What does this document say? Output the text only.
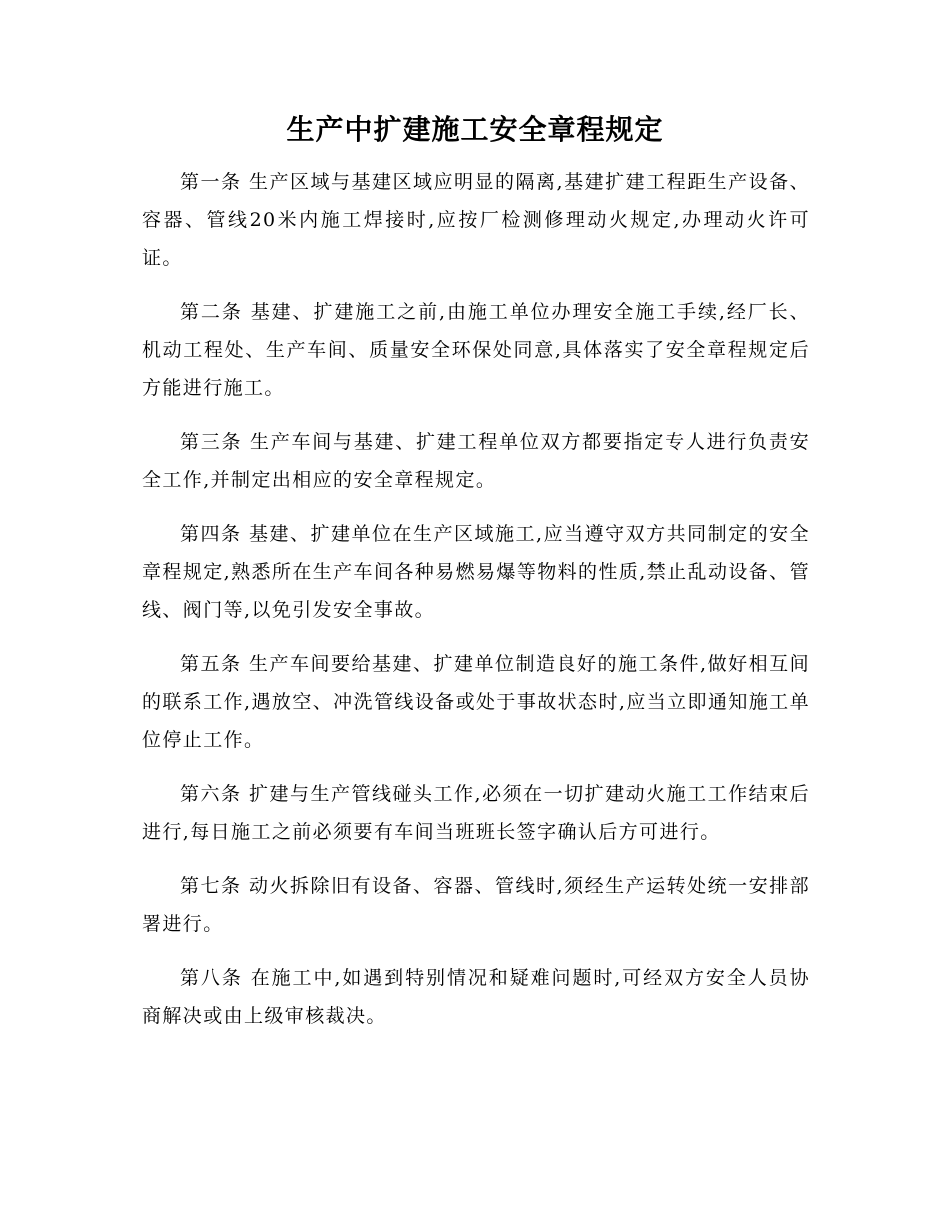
生产中扩建施工安全章程规定

第一条 生产区域与基建区域应明显的隔离,基建扩建工程距生产设备、容器、管线20米内施工焊接时,应按厂检测修理动火规定,办理动火许可证。

第二条 基建、扩建施工之前,由施工单位办理安全施工手续,经厂长、机动工程处、生产车间、质量安全环保处同意,具体落实了安全章程规定后方能进行施工。

第三条 生产车间与基建、扩建工程单位双方都要指定专人进行负责安全工作,并制定出相应的安全章程规定。

第四条 基建、扩建单位在生产区域施工,应当遵守双方共同制定的安全章程规定,熟悉所在生产车间各种易燃易爆等物料的性质,禁止乱动设备、管线、阀门等,以免引发安全事故。

第五条 生产车间要给基建、扩建单位制造良好的施工条件,做好相互间的联系工作,遇放空、冲洗管线设备或处于事故状态时,应当立即通知施工单位停止工作。

第六条 扩建与生产管线碰头工作,必须在一切扩建动火施工工作结束后进行,每日施工之前必须要有车间当班班长签字确认后方可进行。

第七条 动火拆除旧有设备、容器、管线时,须经生产运转处统一安排部署进行。

第八条 在施工中,如遇到特别情况和疑难问题时,可经双方安全人员协商解决或由上级审核裁决。
